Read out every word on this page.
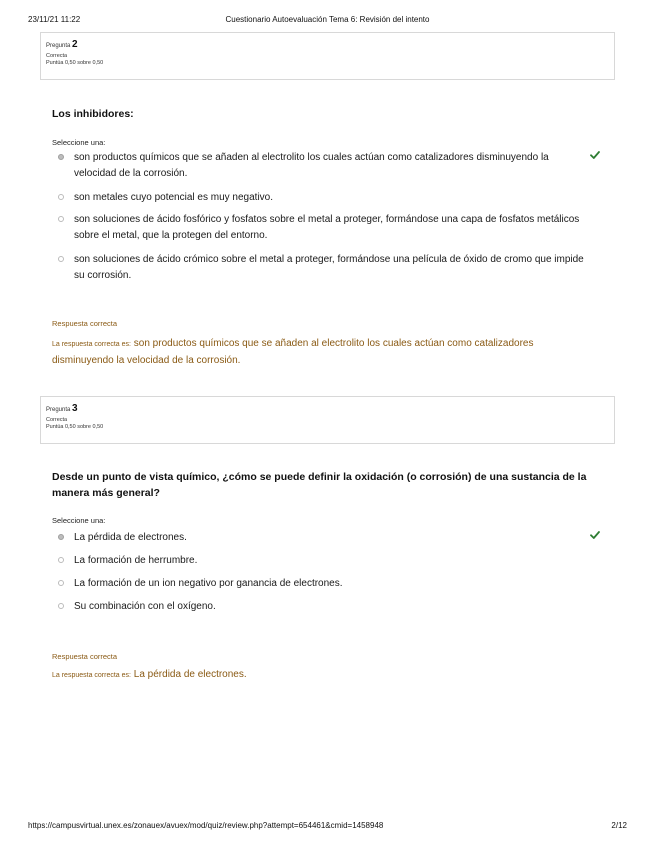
23/11/21 11:22	Cuestionario Autoevaluación Tema 6: Revisión del intento
Pregunta 2
Correcta
Puntúa 0,50 sobre 0,50
Los inhibidores:
Seleccione una:
son productos químicos que se añaden al electrolito los cuales actúan como catalizadores disminuyendo la velocidad de la corrosión.
son metales cuyo potencial es muy negativo.
son soluciones de ácido fosfórico y fosfatos sobre el metal a proteger, formándose una capa de fosfatos metálicos sobre el metal, que la protegen del entorno.
son soluciones de ácido crómico sobre el metal a proteger, formándose una película de óxido de cromo que impide su corrosión.
Respuesta correcta
La respuesta correcta es: son productos químicos que se añaden al electrolito los cuales actúan como catalizadores disminuyendo la velocidad de la corrosión.
Pregunta 3
Correcta
Puntúa 0,50 sobre 0,50
Desde un punto de vista químico, ¿cómo se puede definir la oxidación (o corrosión) de una sustancia de la manera más general?
Seleccione una:
La pérdida de electrones.
La formación de herrumbre.
La formación de un ion negativo por ganancia de electrones.
Su combinación con el oxígeno.
Respuesta correcta
La respuesta correcta es: La pérdida de electrones.
https://campusvirtual.unex.es/zonauex/avuex/mod/quiz/review.php?attempt=654461&cmid=1458948	2/12
